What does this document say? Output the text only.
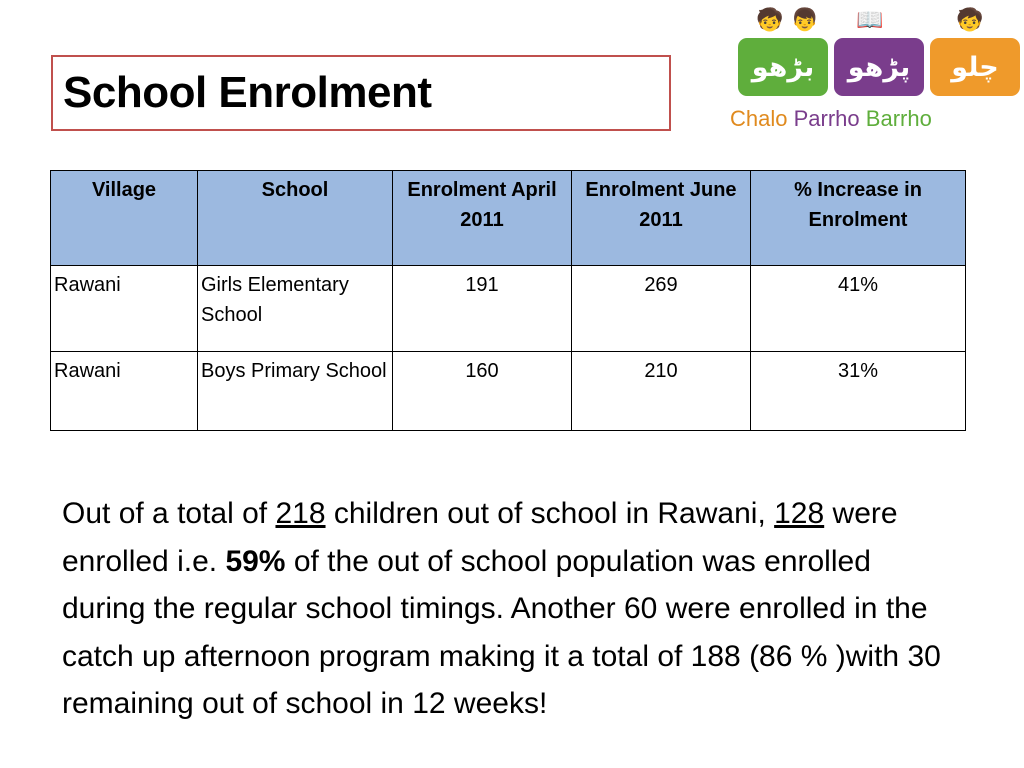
School Enrolment
🧒 👦	📖	🧒
ﺑﮍﮬﻮ	ﭘﮍﮬﻮ	ﭼﻠﻮ
Chalo Parrho Barrho
Village	School	Enrolment April 2011	Enrolment June 2011	% Increase in Enrolment
Rawani	Girls Elementary School	191	269	41%
Rawani	Boys Primary School	160	210	31%

Out of a total of 218 children out of school in Rawani, 128 were enrolled i.e. 59% of the out of school population was enrolled during the regular school timings. Another 60 were enrolled in the catch up afternoon program making it a total of 188 (86 % )with 30 remaining out of school in 12 weeks!
